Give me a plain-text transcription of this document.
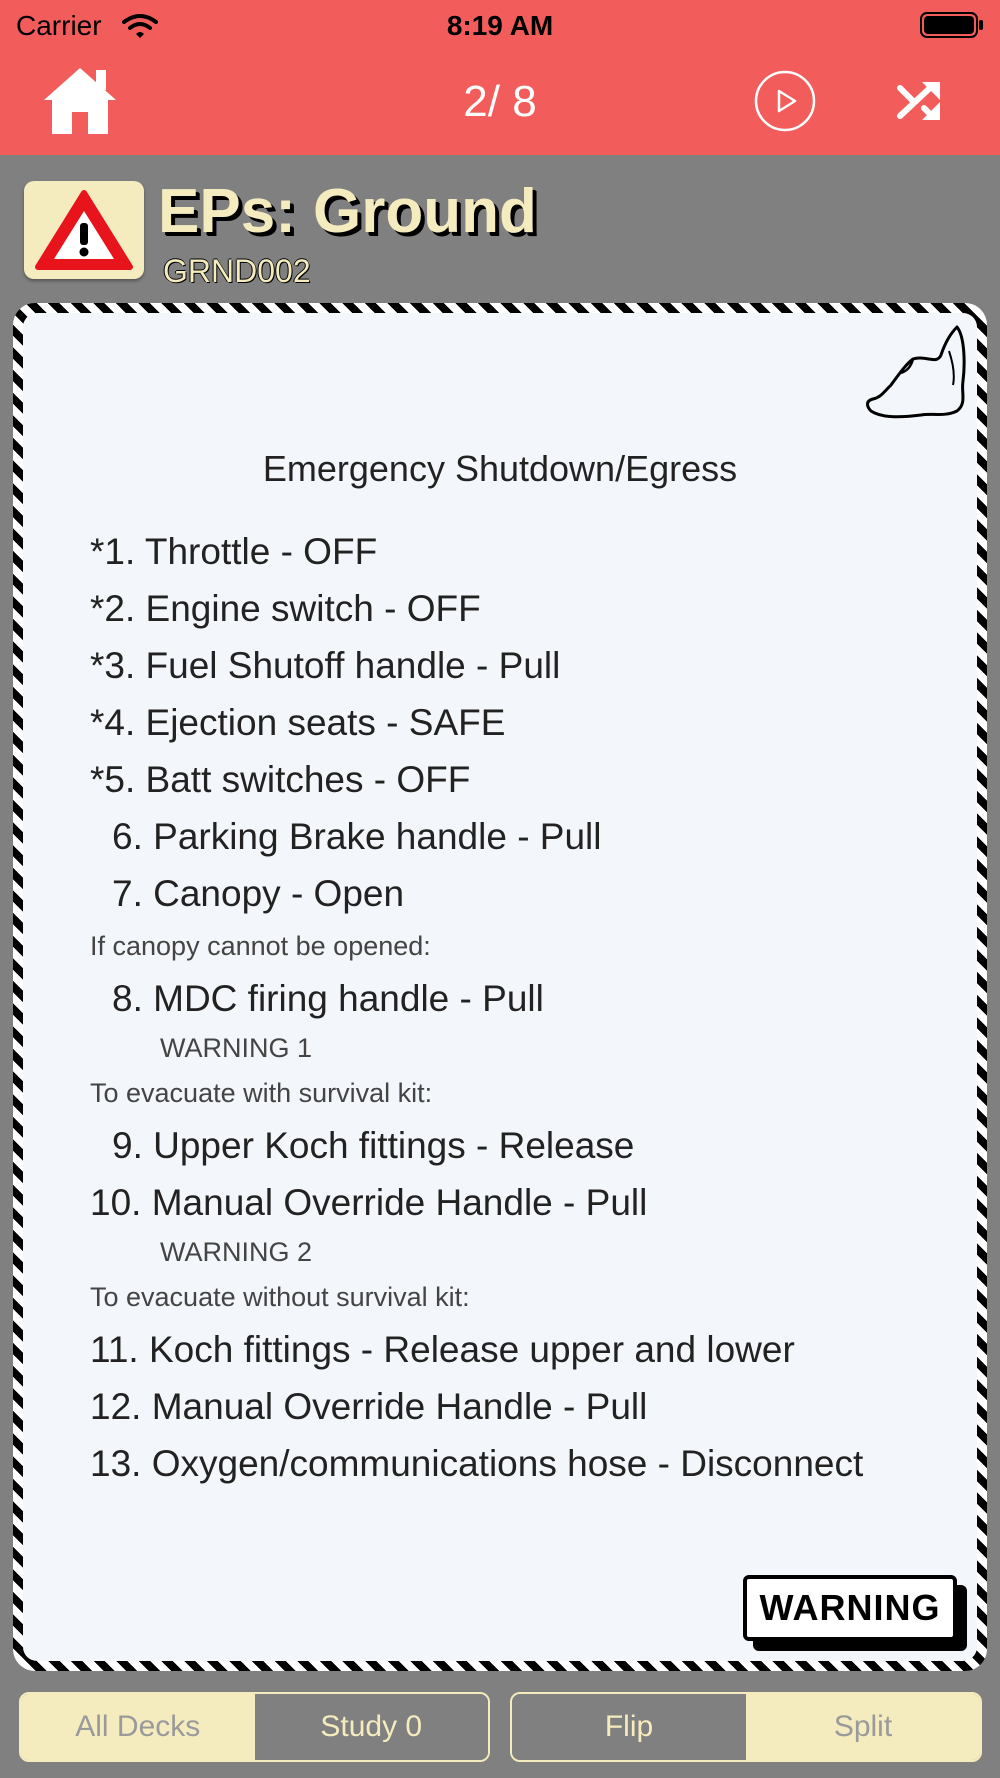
Carrier	8:19 AM
2/ 8
EPs: Ground
GRND002
Emergency Shutdown/Egress
*1. Throttle - OFF
*2. Engine switch - OFF
*3. Fuel Shutoff handle - Pull
*4. Ejection seats - SAFE
*5. Batt switches - OFF
6. Parking Brake handle - Pull
7. Canopy - Open
If canopy cannot be opened:
8. MDC firing handle - Pull
WARNING 1
To evacuate with survival kit:
9. Upper Koch fittings - Release
10. Manual Override Handle - Pull
WARNING 2
To evacuate without survival kit:
11. Koch fittings - Release upper and lower
12. Manual Override Handle - Pull
13. Oxygen/communications hose - Disconnect
WARNING
All Decks	Study 0	Flip	Split
